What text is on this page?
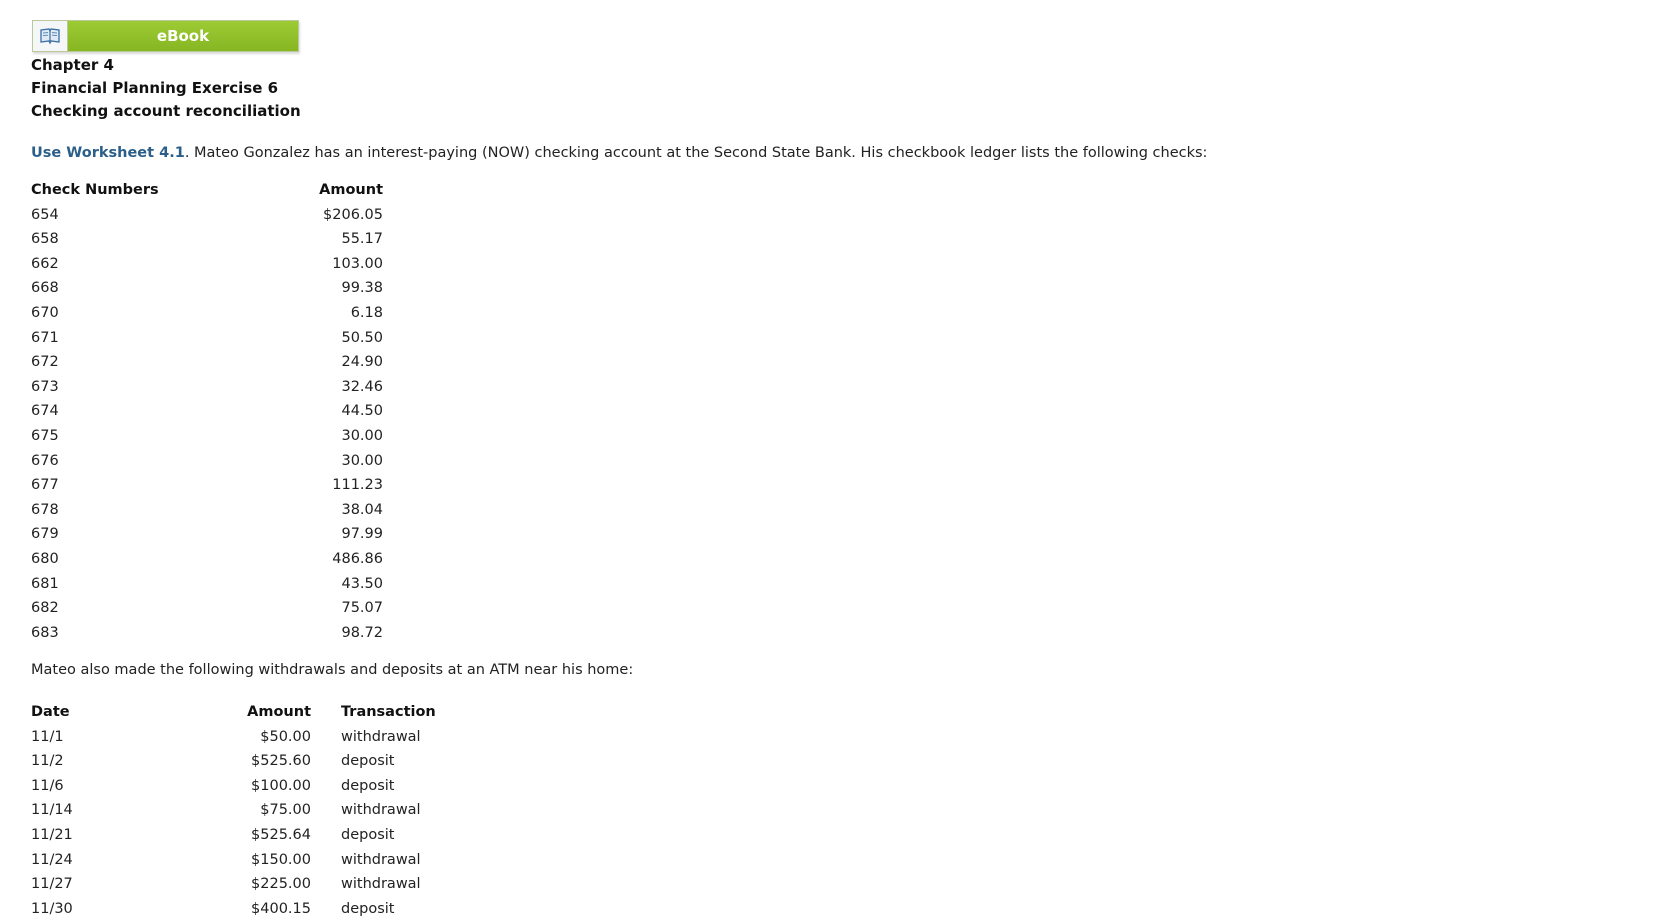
eBook
Chapter 4
Financial Planning Exercise 6
Checking account reconciliation
Use Worksheet 4.1. Mateo Gonzalez has an interest-paying (NOW) checking account at the Second State Bank. His checkbook ledger lists the following checks:
Check Numbers	Amount
654	$206.05
658	55.17
662	103.00
668	99.38
670	6.18
671	50.50
672	24.90
673	32.46
674	44.50
675	30.00
676	30.00
677	111.23
678	38.04
679	97.99
680	486.86
681	43.50
682	75.07
683	98.72
Mateo also made the following withdrawals and deposits at an ATM near his home:
Date	Amount Transaction
11/1	$50.00 withdrawal
11/2	$525.60 deposit
11/6	$100.00 deposit
11/14	$75.00 withdrawal
11/21	$525.64 deposit
11/24	$150.00 withdrawal
11/27	$225.00 withdrawal
11/30	$400.15 deposit
